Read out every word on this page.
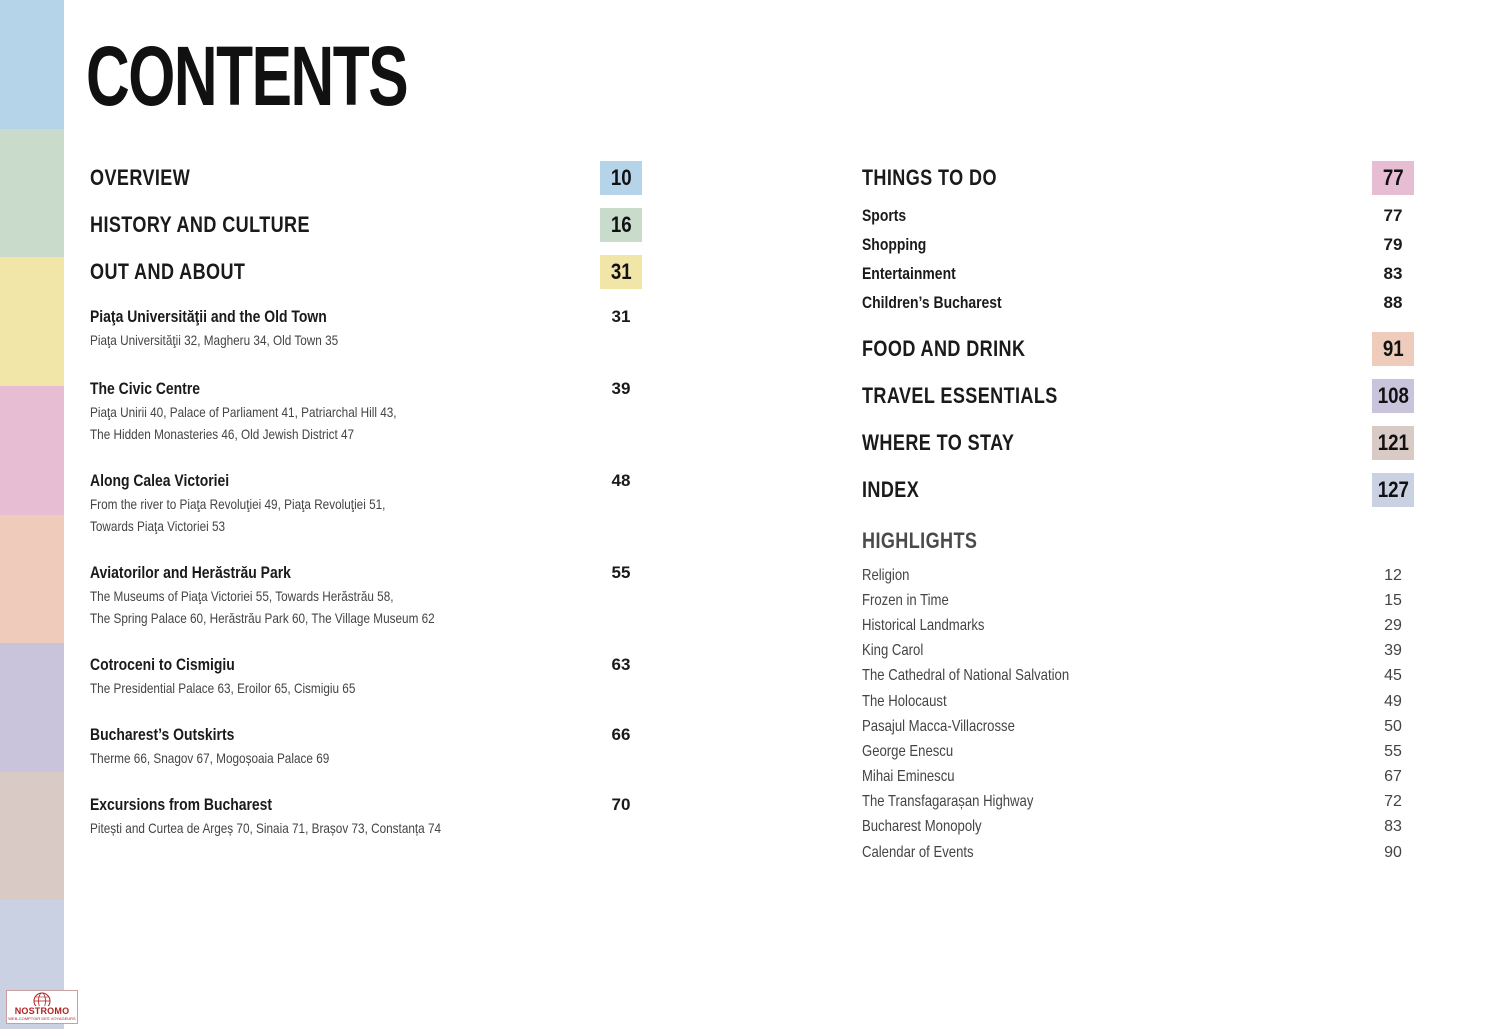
CONTENTS
OVERVIEW	10
HISTORY AND CULTURE	16
OUT AND ABOUT	31
Piaţa Universităţii and the Old Town	31
Piaţa Universităţii 32, Magheru 34, Old Town 35
The Civic Centre	39
Piaţa Unirii 40, Palace of Parliament 41, Patriarchal Hill 43,
The Hidden Monasteries 46, Old Jewish District 47
Along Calea Victoriei	48
From the river to Piaţa Revoluţiei 49, Piaţa Revoluţiei 51,
Towards Piaţa Victoriei 53
Aviatorilor and Herăstrău Park	55
The Museums of Piaţa Victoriei 55, Towards Herăstrău 58,
The Spring Palace 60, Herăstrău Park 60, The Village Museum 62
Cotroceni to Cismigiu	63
The Presidential Palace 63, Eroilor 65, Cismigiu 65
Bucharest’s Outskirts	66
Therme 66, Snagov 67, Mogoșoaia Palace 69
Excursions from Bucharest	70
Pitești and Curtea de Argeș 70, Sinaia 71, Brașov 73, Constanța 74
THINGS TO DO	77
Sports	77
Shopping	79
Entertainment	83
Children’s Bucharest	88
FOOD AND DRINK	91
TRAVEL ESSENTIALS	108
WHERE TO STAY	121
INDEX	127
HIGHLIGHTS
Religion	12
Frozen in Time	15
Historical Landmarks	29
King Carol	39
The Cathedral of National Salvation	45
The Holocaust	49
Pasajul Macca-Villacrosse	50
George Enescu	55
Mihai Eminescu	67
The Transfagarașan Highway	72
Bucharest Monopoly	83
Calendar of Events	90
NOSTROMO
WEB-COMPTOIR DES VOYAGEURS
